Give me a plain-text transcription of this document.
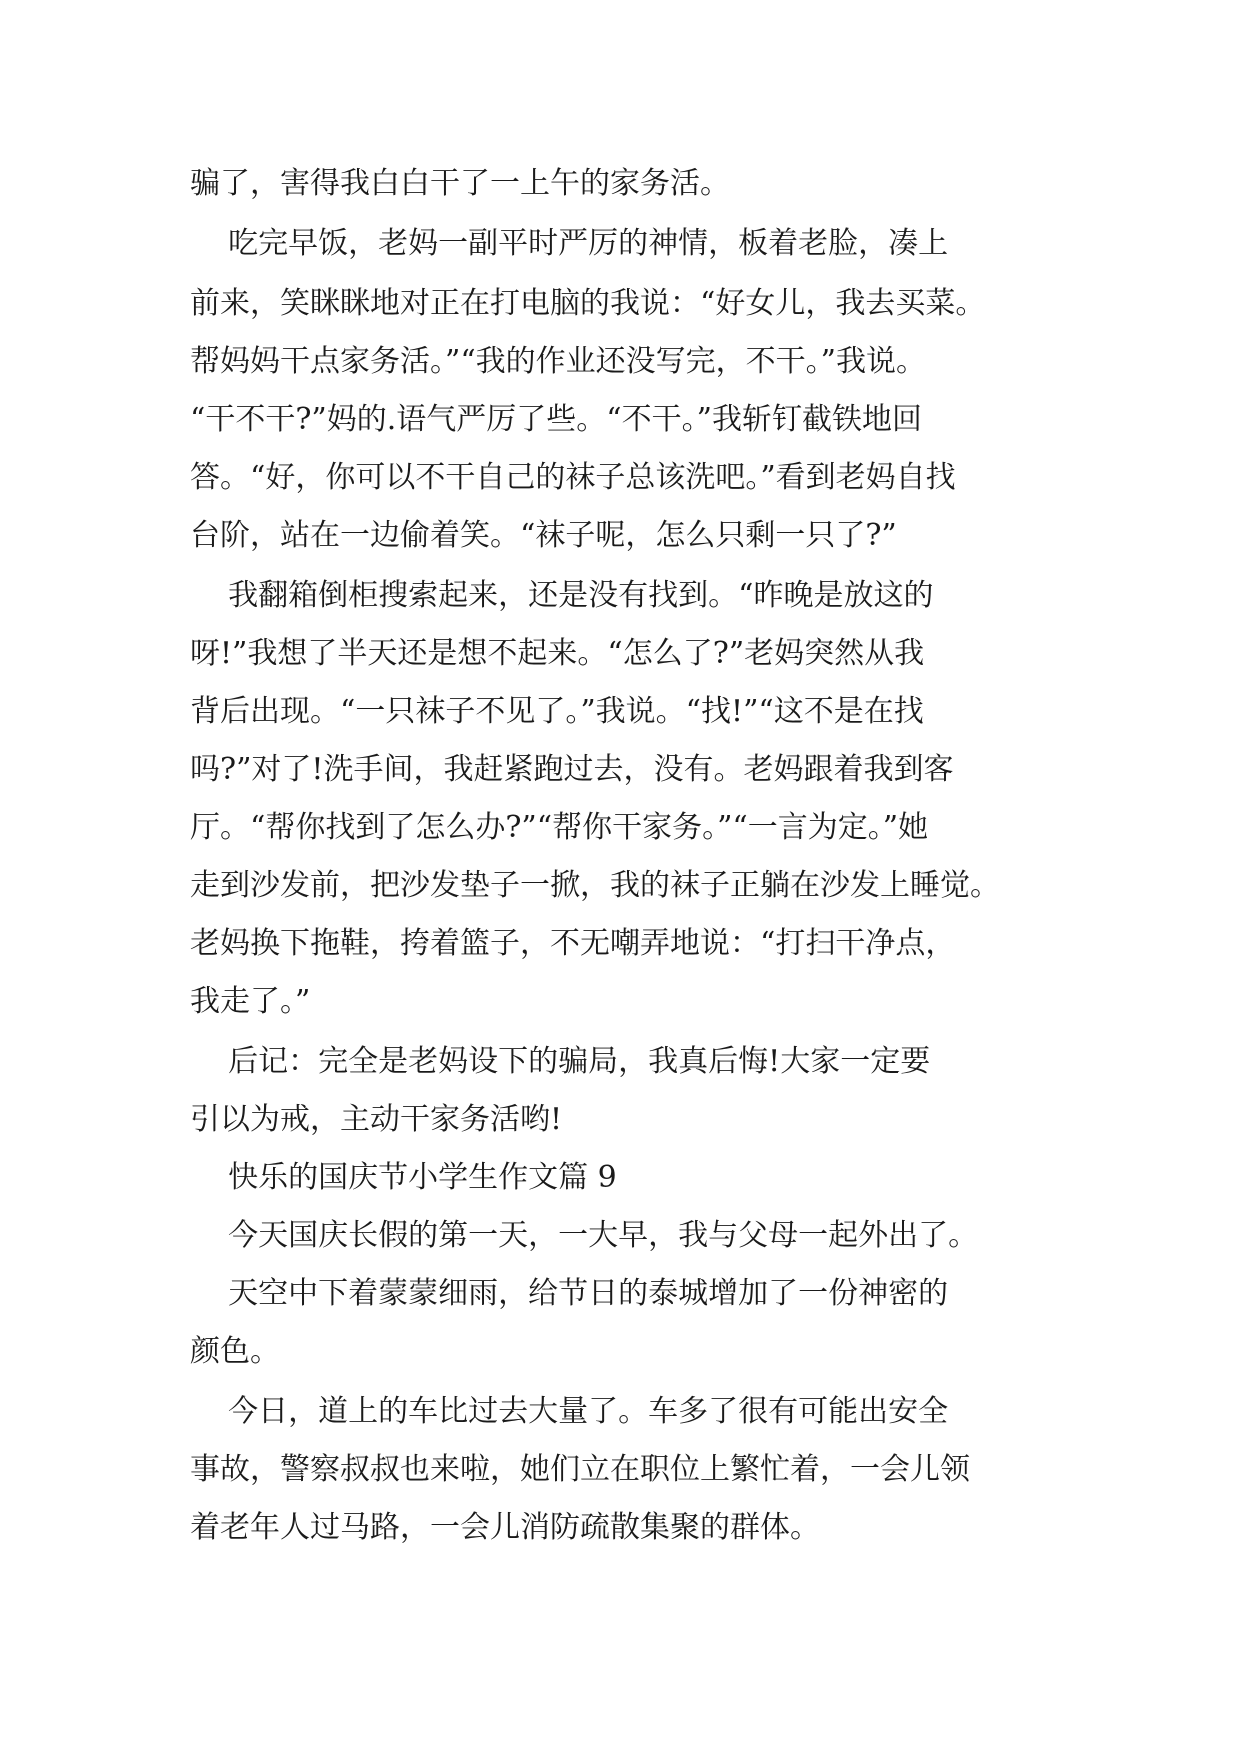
骗了，害得我白白干了一上午的家务活。
吃完早饭，老妈一副平时严厉的神情，板着老脸，凑上
前来，笑眯眯地对正在打电脑的我说：“好女儿，我去买菜。
帮妈妈干点家务活。”“我的作业还没写完，不干。”我说。
“干不干?”妈的.语气严厉了些。“不干。”我斩钉截铁地回
答。“好，你可以不干自己的袜子总该洗吧。”看到老妈自找
台阶，站在一边偷着笑。“袜子呢，怎么只剩一只了?”
我翻箱倒柜搜索起来，还是没有找到。“昨晚是放这的
呀!”我想了半天还是想不起来。“怎么了?”老妈突然从我
背后出现。“一只袜子不见了。”我说。“找!”“这不是在找
吗?”对了!洗手间，我赶紧跑过去，没有。老妈跟着我到客
厅。“帮你找到了怎么办?”“帮你干家务。”“一言为定。”她
走到沙发前，把沙发垫子一掀，我的袜子正躺在沙发上睡觉。
老妈换下拖鞋，挎着篮子，不无嘲弄地说：“打扫干净点，
我走了。”
后记：完全是老妈设下的骗局，我真后悔!大家一定要
引以为戒，主动干家务活哟!
快乐的国庆节小学生作文篇 9
今天国庆长假的第一天，一大早，我与父母一起外出了。
天空中下着蒙蒙细雨，给节日的泰城增加了一份神密的
颜色。
今日，道上的车比过去大量了。车多了很有可能出安全
事故，警察叔叔也来啦，她们立在职位上繁忙着，一会儿领
着老年人过马路，一会儿消防疏散集聚的群体。
